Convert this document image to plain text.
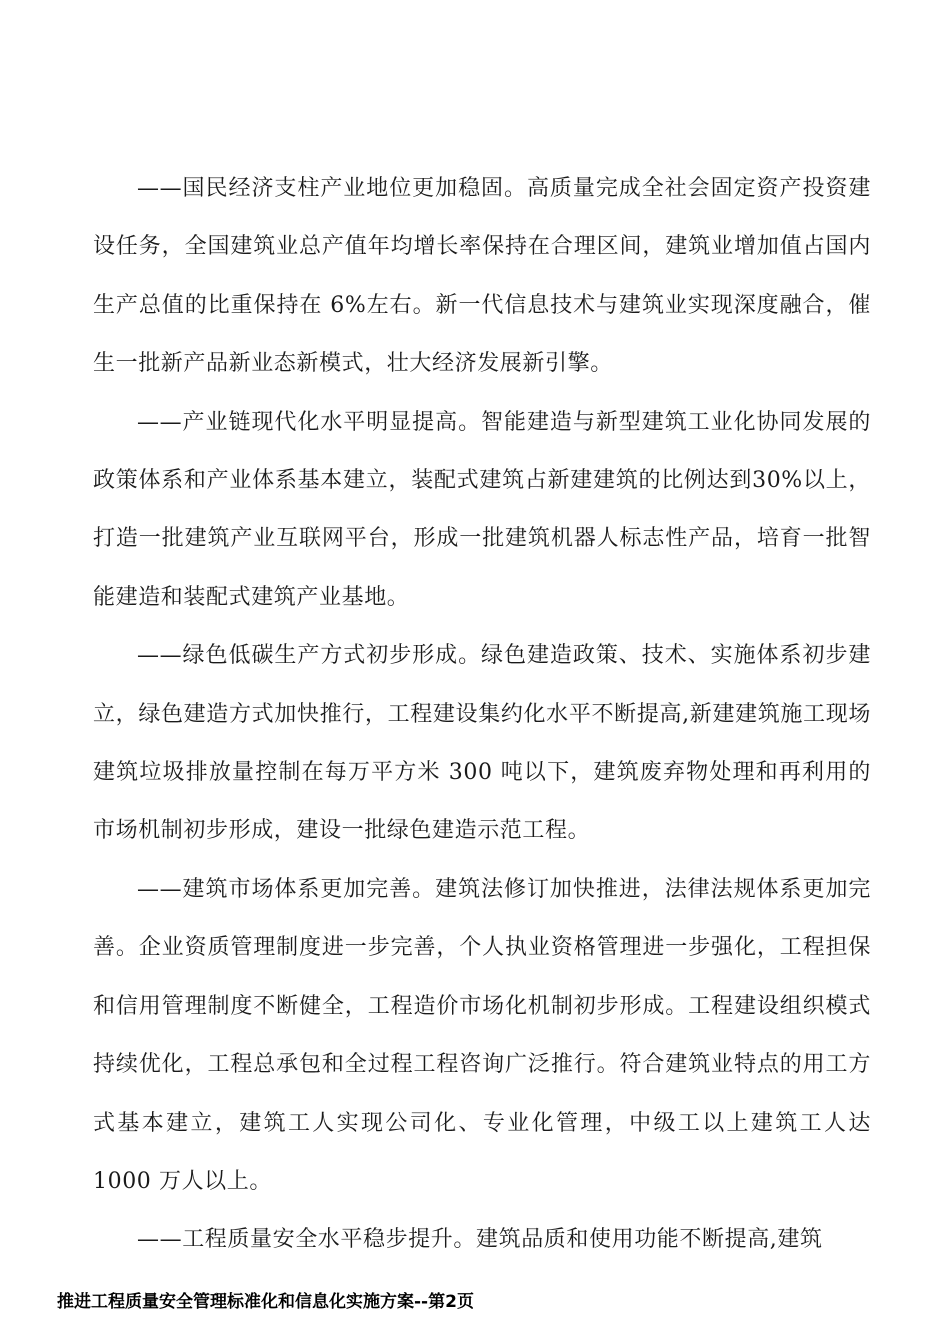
——国民经济支柱产业地位更加稳固。高质量完成全社会固定资产投资建设任务，全国建筑业总产值年均增长率保持在合理区间，建筑业增加值占国内生产总值的比重保持在 6%左右。新一代信息技术与建筑业实现深度融合，催生一批新产品新业态新模式，壮大经济发展新引擎。

——产业链现代化水平明显提高。智能建造与新型建筑工业化协同发展的政策体系和产业体系基本建立，装配式建筑占新建建筑的比例达到30%以上，打造一批建筑产业互联网平台，形成一批建筑机器人标志性产品，培育一批智能建造和装配式建筑产业基地。

——绿色低碳生产方式初步形成。绿色建造政策、技术、实施体系初步建立，绿色建造方式加快推行，工程建设集约化水平不断提高,新建建筑施工现场建筑垃圾排放量控制在每万平方米 300 吨以下，建筑废弃物处理和再利用的市场机制初步形成，建设一批绿色建造示范工程。

——建筑市场体系更加完善。建筑法修订加快推进，法律法规体系更加完善。企业资质管理制度进一步完善，个人执业资格管理进一步强化，工程担保和信用管理制度不断健全，工程造价市场化机制初步形成。工程建设组织模式持续优化，工程总承包和全过程工程咨询广泛推行。符合建筑业特点的用工方式基本建立，建筑工人实现公司化、专业化管理，中级工以上建筑工人达 1000 万人以上。

——工程质量安全水平稳步提升。建筑品质和使用功能不断提高,建筑

推进工程质量安全管理标准化和信息化实施方案--第2页
